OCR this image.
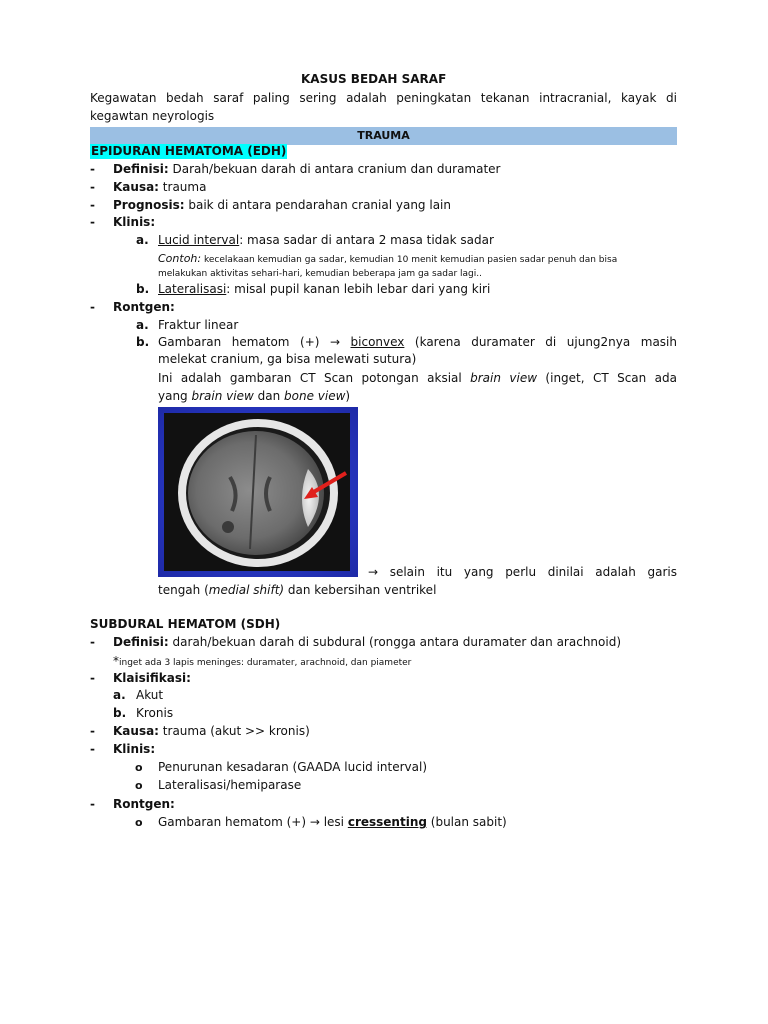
KASUS BEDAH SARAF
Kegawatan bedah saraf paling sering adalah peningkatan tekanan intracranial, kayak di
kegawtan neyrologis
TRAUMA
EPIDURAN HEMATOMA (EDH)
- Definisi: Darah/bekuan darah di antara cranium dan duramater
- Kausa: trauma
- Prognosis: baik di antara pendarahan cranial yang lain
- Klinis:
a. Lucid interval: masa sadar di antara 2 masa tidak sadar
Contoh: kecelakaan kemudian ga sadar, kemudian 10 menit kemudian pasien sadar penuh dan bisa
melakukan aktivitas sehari-hari, kemudian beberapa jam ga sadar lagi..
b. Lateralisasi: misal pupil kanan lebih lebar dari yang kiri
- Rontgen:
a. Fraktur linear
b. Gambaran hematom (+) → biconvex (karena duramater di ujung2nya masih
melekat cranium, ga bisa melewati sutura)
Ini adalah gambaran CT Scan potongan aksial brain view (inget, CT Scan ada
yang brain view dan bone view)
→ selain itu yang perlu dinilai adalah garis
tengah (medial shift) dan kebersihan ventrikel
SUBDURAL HEMATOM (SDH)
- Definisi: darah/bekuan darah di subdural (rongga antara duramater dan arachnoid)
*inget ada 3 lapis meninges: duramater, arachnoid, dan piameter
- Klaisifikasi:
a. Akut
b. Kronis
- Kausa: trauma (akut >> kronis)
- Klinis:
o Penurunan kesadaran (GAADA lucid interval)
o Lateralisasi/hemiparase
- Rontgen:
o Gambaran hematom (+) → lesi cressenting (bulan sabit)
